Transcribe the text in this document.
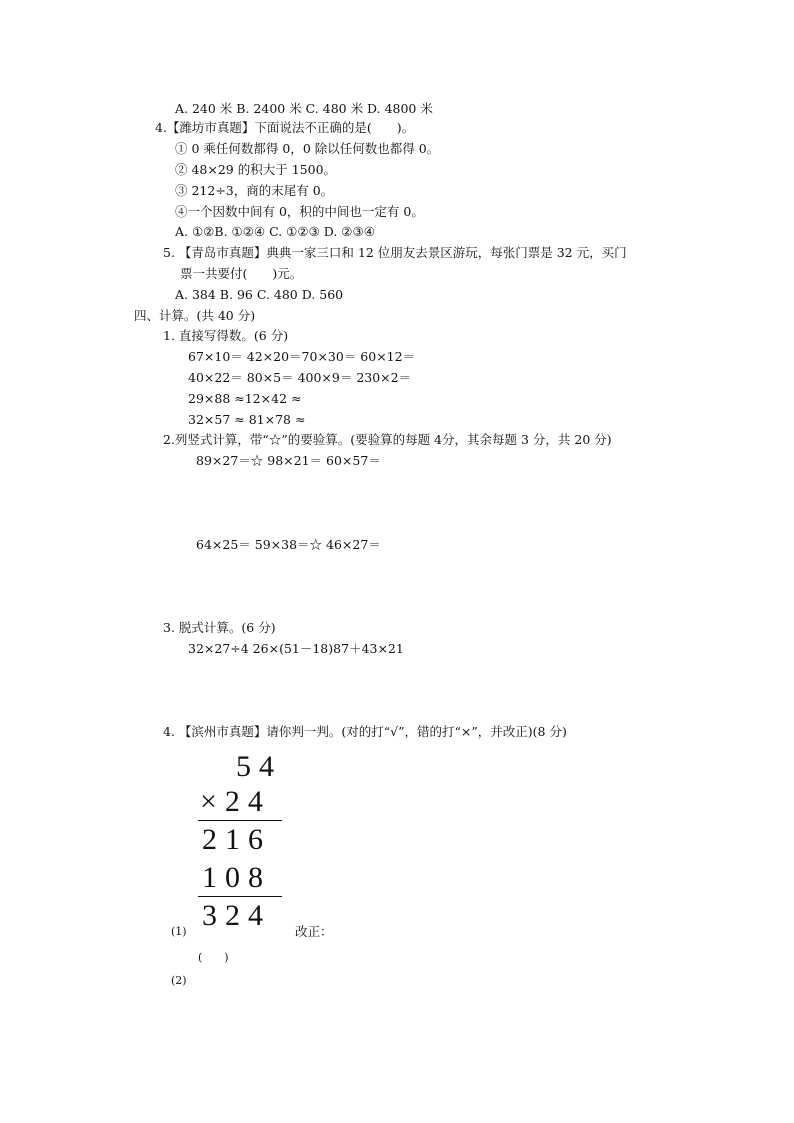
A. 240 米 B. 2400 米 C. 480 米 D. 4800 米
4.【潍坊市真题】下面说法不正确的是(　　)。
① 0 乘任何数都得 0，0 除以任何数也都得 0。
② 48×29 的积大于 1500。
③ 212÷3，商的末尾有 0。
④一个因数中间有 0，积的中间也一定有 0。
A. ①②B. ①②④ C. ①②③ D. ②③④
5. 【青岛市真题】典典一家三口和 12 位朋友去景区游玩，每张门票是 32 元，买门
票一共要付(　　)元。
A. 384 B. 96 C. 480 D. 560
四、计算。(共 40 分)
1. 直接写得数。(6 分)
67×10＝ 42×20＝70×30＝ 60×12＝
40×22＝ 80×5＝ 400×9＝ 230×2＝
29×88 ≈12×42 ≈
32×57 ≈ 81×78 ≈
2.列竖式计算，带“☆”的要验算。(要验算的每题 4分，其余每题 3 分，共 20 分)
89×27＝☆ 98×21＝ 60×57＝
64×25＝ 59×38＝☆ 46×27＝
3. 脱式计算。(6 分)
32×27÷4 26×(51－18)87＋43×21
4. 【滨州市真题】请你判一判。(对的打“√”，错的打“×”，并改正)(8 分)
54
×24
216
108
324
(1)	改正：
(　　)
(2)
